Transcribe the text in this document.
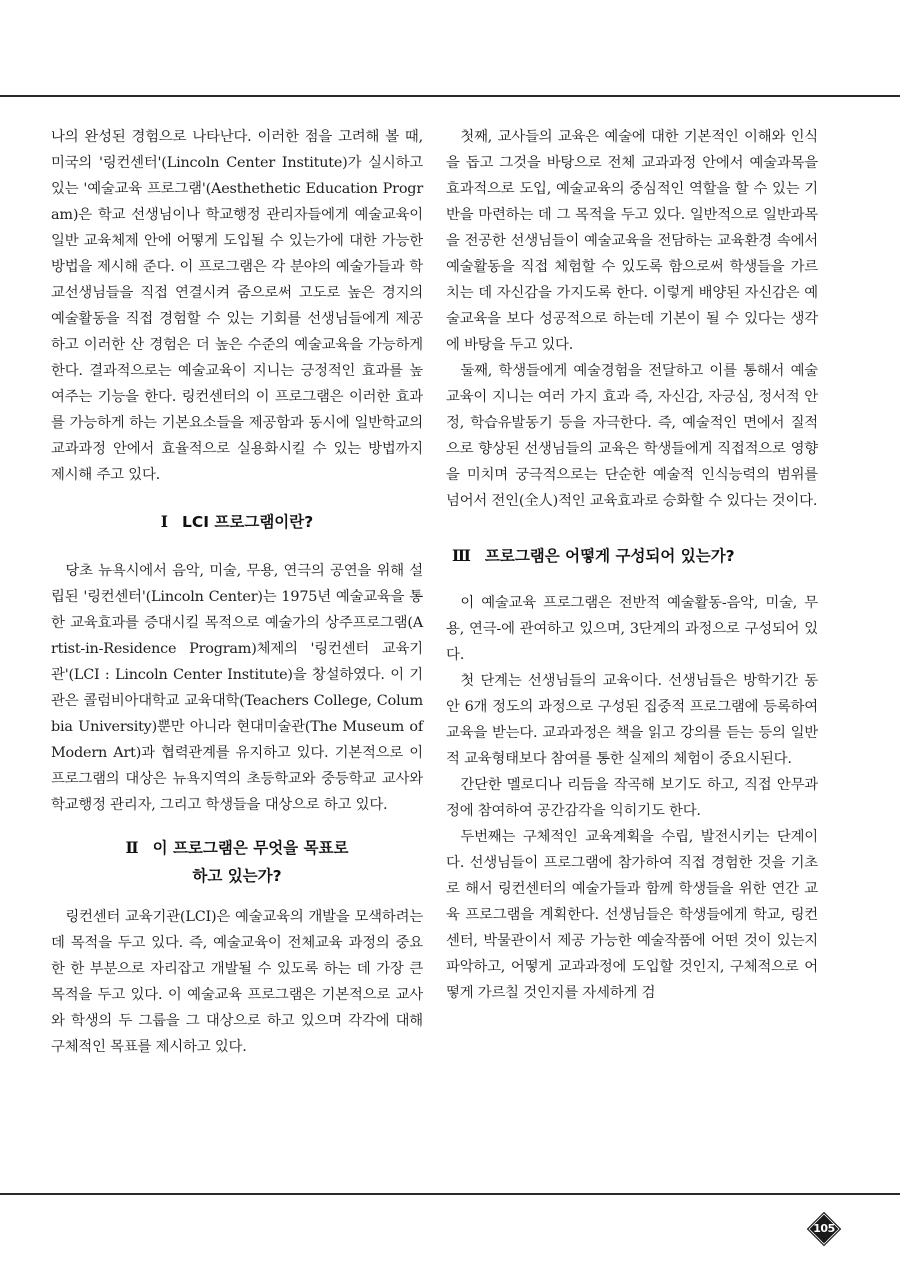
나의 완성된 경험으로 나타난다. 이러한 점을 고려해 볼 때, 미국의 '링컨센터'(Lincoln Center Institute)가 실시하고 있는 '예술교육 프로그램'(Aesthethetic Education Program)은 학교 선생님이나 학교행정 관리자들에게 예술교육이 일반 교육체제 안에 어떻게 도입될 수 있는가에 대한 가능한 방법을 제시해 준다. 이 프로그램은 각 분야의 예술가들과 학교선생님들을 직접 연결시켜 줌으로써 고도로 높은 경지의 예술활동을 직접 경험할 수 있는 기회를 선생님들에게 제공하고 이러한 산 경험은 더 높은 수준의 예술교육을 가능하게 한다. 결과적으로는 예술교육이 지니는 긍정적인 효과를 높여주는 기능을 한다. 링컨센터의 이 프로그램은 이러한 효과를 가능하게 하는 기본요소들을 제공함과 동시에 일반학교의 교과과정 안에서 효율적으로 실용화시킬 수 있는 방법까지 제시해 주고 있다.

Ⅰ LCI 프로그램이란?

당초 뉴욕시에서 음악, 미술, 무용, 연극의 공연을 위해 설립된 '링컨센터'(Lincoln Center)는 1975년 예술교육을 통한 교육효과를 증대시킬 목적으로 예술가의 상주프로그램(Artist-in-Residence Program)체제의 '링컨센터 교육기관'(LCI : Lincoln Center Institute)을 창설하였다. 이 기관은 콜럼비아대학교 교육대학(Teachers College, Columbia University)뿐만 아니라 현대미술관(The Museum of Modern Art)과 협력관계를 유지하고 있다. 기본적으로 이 프로그램의 대상은 뉴욕지역의 초등학교와 중등학교 교사와 학교행정 관리자, 그리고 학생들을 대상으로 하고 있다.

Ⅱ 이 프로그램은 무엇을 목표로
하고 있는가?

링컨센터 교육기관(LCI)은 예술교육의 개발을 모색하려는 데 목적을 두고 있다. 즉, 예술교육이 전체교육 과정의 중요한 한 부분으로 자리잡고 개발될 수 있도록 하는 데 가장 큰 목적을 두고 있다. 이 예술교육 프로그램은 기본적으로 교사와 학생의 두 그룹을 그 대상으로 하고 있으며 각각에 대해 구체적인 목표를 제시하고 있다.

첫째, 교사들의 교육은 예술에 대한 기본적인 이해와 인식을 돕고 그것을 바탕으로 전체 교과과정 안에서 예술과목을 효과적으로 도입, 예술교육의 중심적인 역할을 할 수 있는 기반을 마련하는 데 그 목적을 두고 있다. 일반적으로 일반과목을 전공한 선생님들이 예술교육을 전담하는 교육환경 속에서 예술활동을 직접 체험할 수 있도록 함으로써 학생들을 가르치는 데 자신감을 가지도록 한다. 이렇게 배양된 자신감은 예술교육을 보다 성공적으로 하는데 기본이 될 수 있다는 생각에 바탕을 두고 있다.

둘째, 학생들에게 예술경험을 전달하고 이를 통해서 예술교육이 지니는 여러 가지 효과 즉, 자신감, 자긍심, 정서적 안정, 학습유발동기 등을 자극한다. 즉, 예술적인 면에서 질적으로 향상된 선생님들의 교육은 학생들에게 직접적으로 영향을 미치며 궁극적으로는 단순한 예술적 인식능력의 범위를 넘어서 전인(全人)적인 교육효과로 승화할 수 있다는 것이다.

Ⅲ 프로그램은 어떻게 구성되어 있는가?

이 예술교육 프로그램은 전반적 예술활동-음악, 미술, 무용, 연극-에 관여하고 있으며, 3단계의 과정으로 구성되어 있다.

첫 단계는 선생님들의 교육이다. 선생님들은 방학기간 동안 6개 정도의 과정으로 구성된 집중적 프로그램에 등록하여 교육을 받는다. 교과과정은 책을 읽고 강의를 듣는 등의 일반적 교육형태보다 참여를 통한 실제의 체험이 중요시된다.

간단한 멜로디나 리듬을 작곡해 보기도 하고, 직접 안무과정에 참여하여 공간감각을 익히기도 한다.

두번째는 구체적인 교육계획을 수립, 발전시키는 단계이다. 선생님들이 프로그램에 참가하여 직접 경험한 것을 기초로 해서 링컨센터의 예술가들과 함께 학생들을 위한 연간 교육 프로그램을 계획한다. 선생님들은 학생들에게 학교, 링컨센터, 박물관이서 제공 가능한 예술작품에 어떤 것이 있는지 파악하고, 어떻게 교과과정에 도입할 것인지, 구체적으로 어떻게 가르칠 것인지를 자세하게 검

105
